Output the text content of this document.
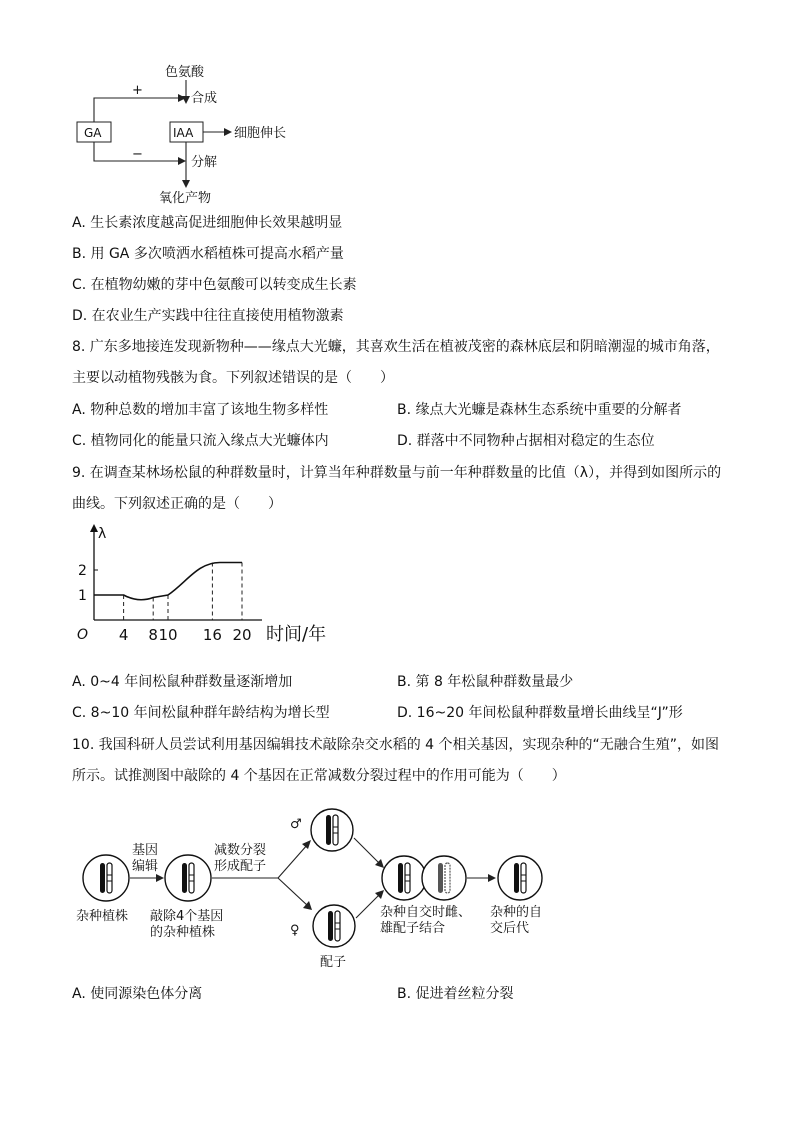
色氨酸
合成
+
GA	IAA	细胞伸长
−
分解
氧化产物
A. 生长素浓度越高促进细胞伸长效果越明显
B. 用 GA 多次喷洒水稻植株可提高水稻产量
C. 在植物幼嫩的芽中色氨酸可以转变成生长素
D. 在农业生产实践中往往直接使用植物激素
8. 广东多地接连发现新物种——缘点大光蠊，其喜欢生活在植被茂密的森林底层和阴暗潮湿的城市角落，
主要以动植物残骸为食。下列叙述错误的是（　　）
A. 物种总数的增加丰富了该地生物多样性	B. 缘点大光蠊是森林生态系统中重要的分解者
C. 植物同化的能量只流入缘点大光蠊体内	D. 群落中不同物种占据相对稳定的生态位
9. 在调查某林场松鼠的种群数量时，计算当年种群数量与前一年种群数量的比值（λ），并得到如图所示的
曲线。下列叙述正确的是（　　）
λ
时间/年
O
1
2
4 8 10 16 20
A. 0~4 年间松鼠种群数量逐渐增加	B. 第 8 年松鼠种群数量最少
C. 8~10 年间松鼠种群年龄结构为增长型	D. 16~20 年间松鼠种群数量增长曲线呈“J”形
10. 我国科研人员尝试利用基因编辑技术敲除杂交水稻的 4 个相关基因，实现杂种的“无融合生殖”，如图
所示。试推测图中敲除的 4 个基因在正常减数分裂过程中的作用可能为（　　）
杂种植株
基因
编辑
敲除4个基因
的杂种植株
减数分裂
形成配子
♂
♀
配子
杂种自交时雌、
雄配子结合
杂种的自
交后代
A. 使同源染色体分离	B. 促进着丝粒分裂
